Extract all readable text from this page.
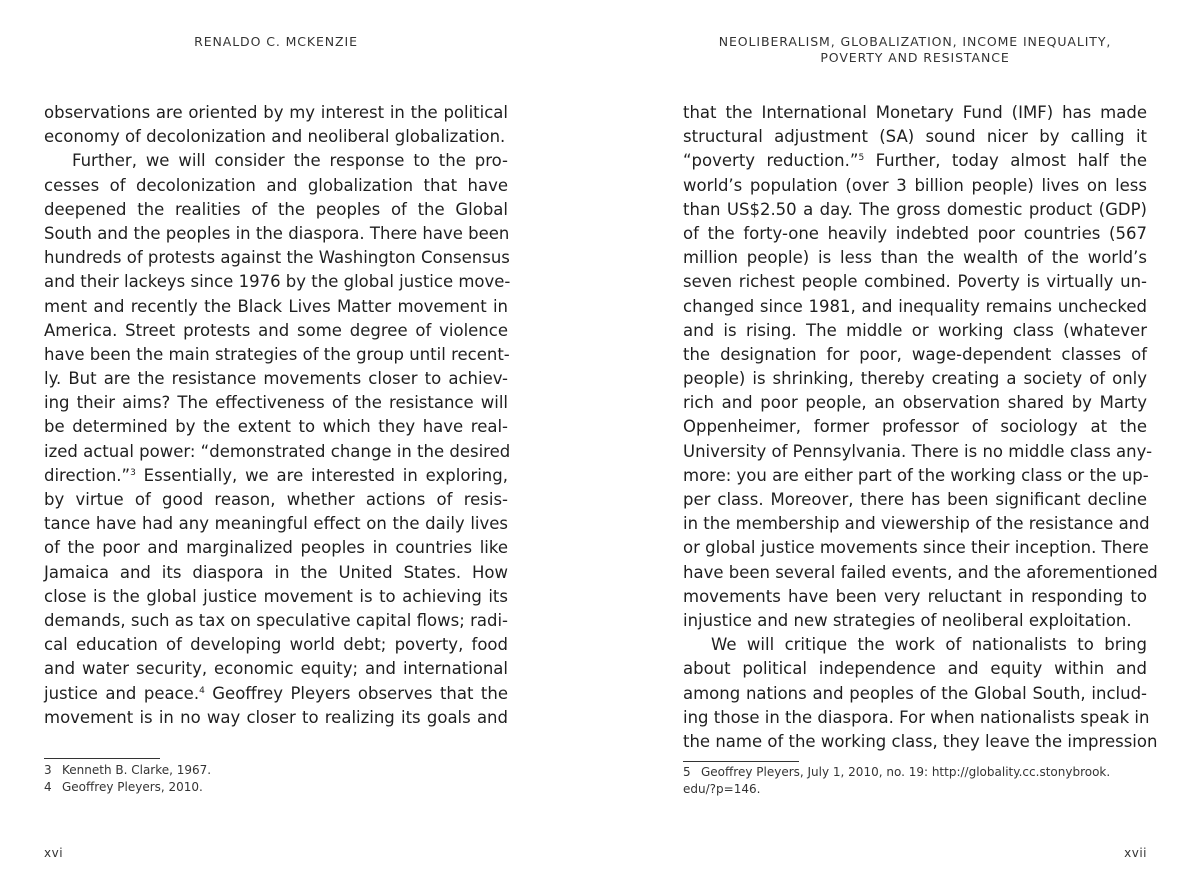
RENALDO C. MCKENZIE
observations are oriented by my interest in the political
economy of decolonization and neoliberal globalization.
Further, we will consider the response to the pro-
cesses of decolonization and globalization that have
deepened the realities of the peoples of the Global
South and the peoples in the diaspora. There have been
hundreds of protests against the Washington Consensus
and their lackeys since 1976 by the global justice move-
ment and recently the Black Lives Matter movement in
America. Street protests and some degree of violence
have been the main strategies of the group until recent-
ly. But are the resistance movements closer to achiev-
ing their aims? The effectiveness of the resistance will
be determined by the extent to which they have real-
ized actual power: “demonstrated change in the desired
direction.”$^3$ Essentially, we are interested in exploring,
by virtue of good reason, whether actions of resis-
tance have had any meaningful effect on the daily lives
of the poor and marginalized peoples in countries like
Jamaica and its diaspora in the United States. How
close is the global justice movement is to achieving its
demands, such as tax on speculative capital flows; radi-
cal education of developing world debt; poverty, food
and water security, economic equity; and international
justice and peace.$^4$ Geoffrey Pleyers observes that the
movement is in no way closer to realizing its goals and
3 Kenneth B. Clarke, 1967.
4 Geoffrey Pleyers, 2010.
xvi
NEOLIBERALISM, GLOBALIZATION, INCOME INEQUALITY,
POVERTY AND RESISTANCE
that the International Monetary Fund (IMF) has made
structural adjustment (SA) sound nicer by calling it
“poverty reduction.”$^5$ Further, today almost half the
world’s population (over 3 billion people) lives on less
than US$2.50 a day. The gross domestic product (GDP)
of the forty-one heavily indebted poor countries (567
million people) is less than the wealth of the world’s
seven richest people combined. Poverty is virtually un-
changed since 1981, and inequality remains unchecked
and is rising. The middle or working class (whatever
the designation for poor, wage-dependent classes of
people) is shrinking, thereby creating a society of only
rich and poor people, an observation shared by Marty
Oppenheimer, former professor of sociology at the
University of Pennsylvania. There is no middle class any-
more: you are either part of the working class or the up-
per class. Moreover, there has been significant decline
in the membership and viewership of the resistance and
or global justice movements since their inception. There
have been several failed events, and the aforementioned
movements have been very reluctant in responding to
injustice and new strategies of neoliberal exploitation.
We will critique the work of nationalists to bring
about political independence and equity within and
among nations and peoples of the Global South, includ-
ing those in the diaspora. For when nationalists speak in
the name of the working class, they leave the impression
5 Geoffrey Pleyers, July 1, 2010, no. 19: http://globality.cc.stonybrook.
edu/?p=146.
xvii
